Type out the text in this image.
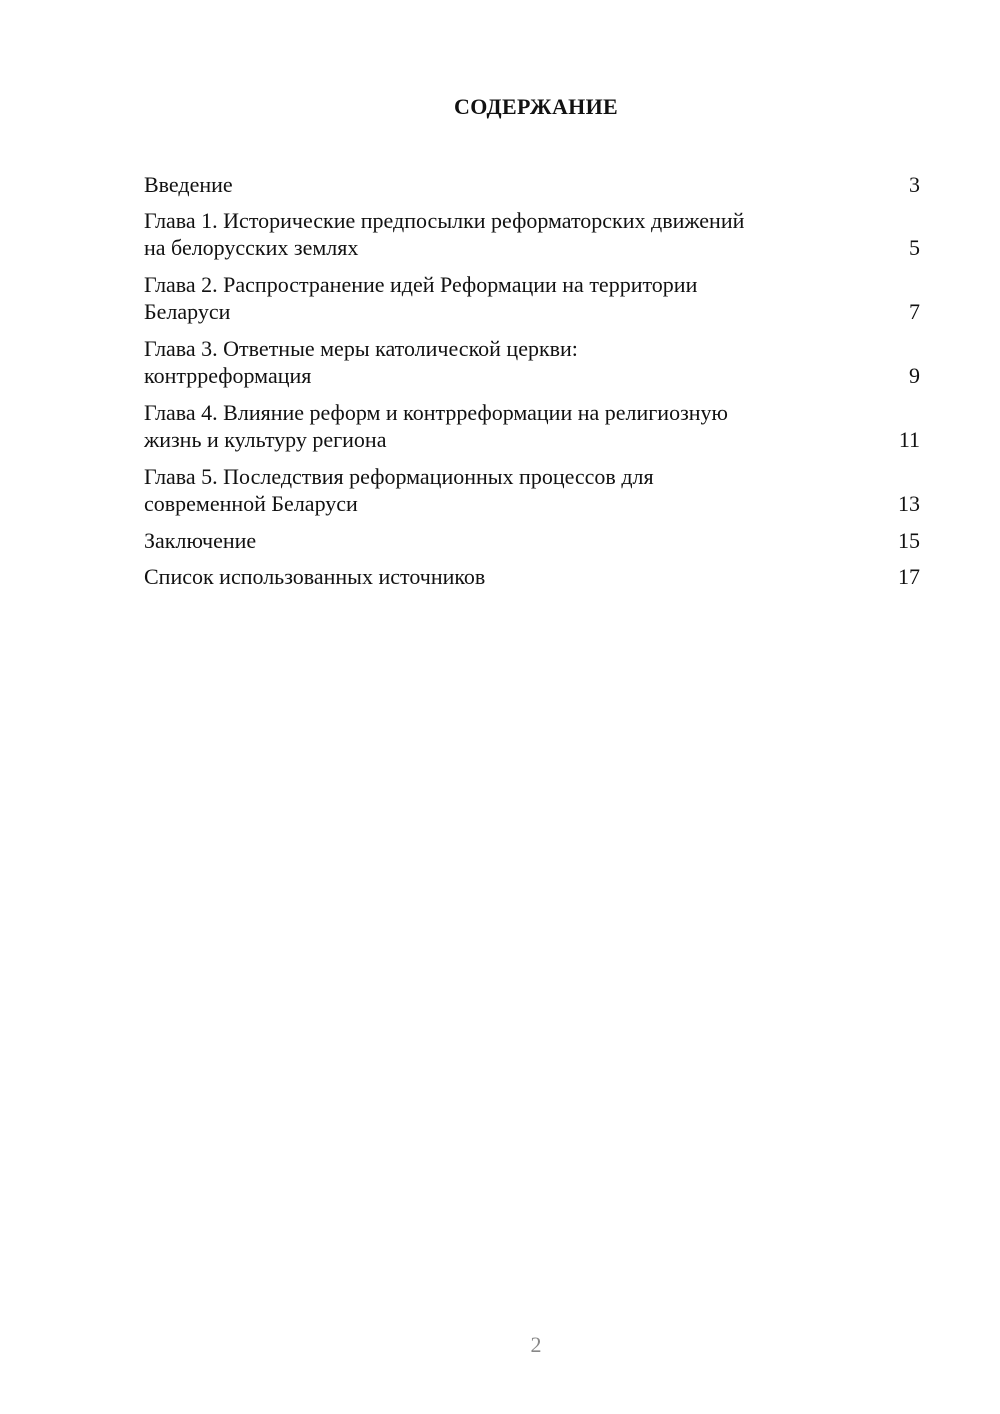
СОДЕРЖАНИЕ
Введение	3
Глава 1. Исторические предпосылки реформаторских движений
на белорусских землях	5
Глава 2. Распространение идей Реформации на территории
Беларуси	7
Глава 3. Ответные меры католической церкви:
контрреформация	9
Глава 4. Влияние реформ и контрреформации на религиозную
жизнь и культуру региона	11
Глава 5. Последствия реформационных процессов для
современной Беларуси	13
Заключение	15
Список использованных источников	17
2
